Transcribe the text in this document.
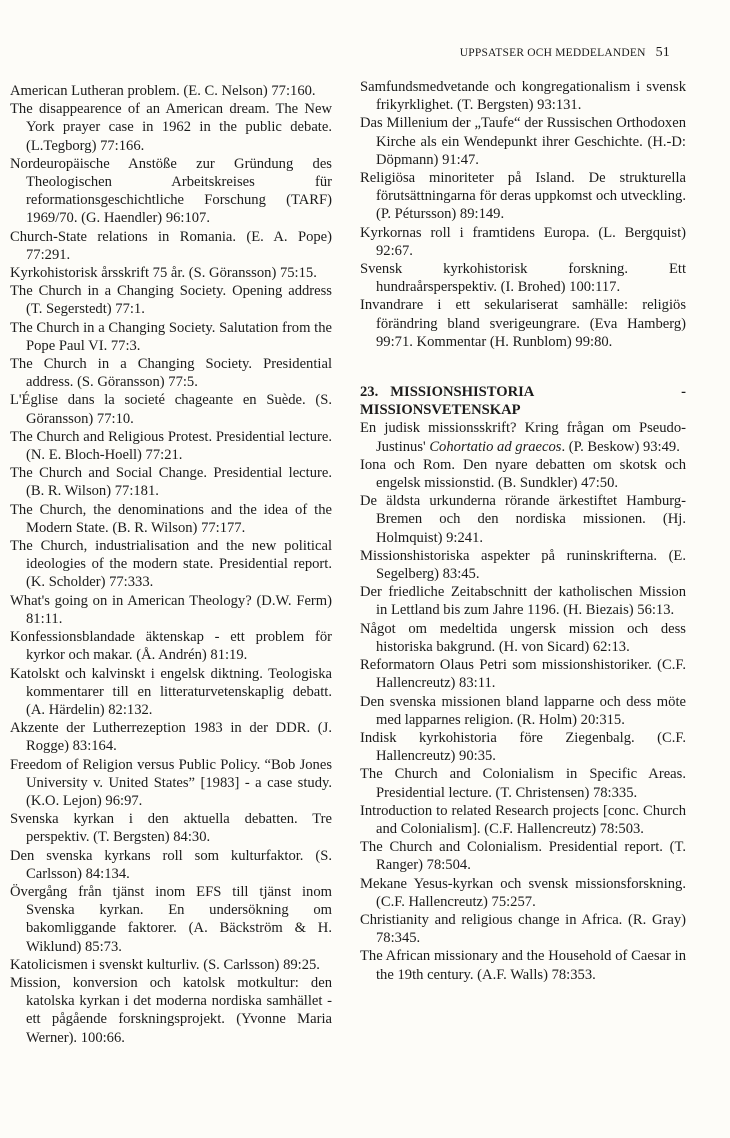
UPPSATSER OCH MEDDELANDEN 51

American Lutheran problem. (E. C. Nelson) 77:160.

The disappearence of an American dream. The New York prayer case in 1962 in the public debate. (L.Tegborg) 77:166.

Nordeuropäische Anstöße zur Gründung des Theologischen Arbeitskreises für reformationsgeschichtliche Forschung (TARF) 1969/70. (G. Haendler) 96:107.

Church-State relations in Romania. (E. A. Pope) 77:291.

Kyrkohistorisk årsskrift 75 år. (S. Göransson) 75:15.

The Church in a Changing Society. Opening address (T. Segerstedt) 77:1.

The Church in a Changing Society. Salutation from the Pope Paul VI. 77:3.

The Church in a Changing Society. Presidential address. (S. Göransson) 77:5.

L'Église dans la societé chageante en Suède. (S. Göransson) 77:10.

The Church and Religious Protest. Presidential lecture. (N. E. Bloch-Hoell) 77:21.

The Church and Social Change. Presidential lecture. (B. R. Wilson) 77:181.

The Church, the denominations and the idea of the Modern State. (B. R. Wilson) 77:177.

The Church, industrialisation and the new political ideologies of the modern state. Presidential report. (K. Scholder) 77:333.

What's going on in American Theology? (D.W. Ferm) 81:11.

Konfessionsblandade äktenskap - ett problem för kyrkor och makar. (Å. Andrén) 81:19.

Katolskt och kalvinskt i engelsk diktning. Teologiska kommentarer till en litteraturvetenskaplig debatt. (A. Härdelin) 82:132.

Akzente der Lutherrezeption 1983 in der DDR. (J. Rogge) 83:164.

Freedom of Religion versus Public Policy. “Bob Jones University v. United States” [1983] - a case study. (K.O. Lejon) 96:97.

Svenska kyrkan i den aktuella debatten. Tre perspektiv. (T. Bergsten) 84:30.

Den svenska kyrkans roll som kulturfaktor. (S. Carlsson) 84:134.

Övergång från tjänst inom EFS till tjänst inom Svenska kyrkan. En undersökning om bakomliggande faktorer. (A. Bäckström & H. Wiklund) 85:73.

Katolicismen i svenskt kulturliv. (S. Carlsson) 89:25.

Mission, konversion och katolsk motkultur: den katolska kyrkan i det moderna nordiska samhället - ett pågående forskningsprojekt. (Yvonne Maria Werner). 100:66.

Samfundsmedvetande och kongregationalism i svensk frikyrklighet. (T. Bergsten) 93:131.

Das Millenium der „Taufe“ der Russischen Orthodoxen Kirche als ein Wendepunkt ihrer Geschichte. (H.-D: Döpmann) 91:47.

Religiösa minoriteter på Island. De strukturella förutsättningarna för deras uppkomst och utveckling. (P. Pétursson) 89:149.

Kyrkornas roll i framtidens Europa. (L. Bergquist) 92:67.

Svensk kyrkohistorisk forskning. Ett hundraårsperspektiv. (I. Brohed) 100:117.

Invandrare i ett sekulariserat samhälle: religiös förändring bland sverigeungrare. (Eva Hamberg) 99:71. Kommentar (H. Runblom) 99:80.

23. MISSIONSHISTORIA - MISSIONSVETENSKAP

En judisk missionsskrift? Kring frågan om Pseudo-Justinus' Cohortatio ad graecos. (P. Beskow) 93:49.

Iona och Rom. Den nyare debatten om skotsk och engelsk missionstid. (B. Sundkler) 47:50.

De äldsta urkunderna rörande ärkestiftet Hamburg-Bremen och den nordiska missionen. (Hj. Holmquist) 9:241.

Missionshistoriska aspekter på runinskrifterna. (E. Segelberg) 83:45.

Der friedliche Zeitabschnitt der katholischen Mission in Lettland bis zum Jahre 1196. (H. Biezais) 56:13.

Något om medeltida ungersk mission och dess historiska bakgrund. (H. von Sicard) 62:13.

Reformatorn Olaus Petri som missionshistoriker. (C.F. Hallencreutz) 83:11.

Den svenska missionen bland lapparne och dess möte med lapparnes religion. (R. Holm) 20:315.

Indisk kyrkohistoria före Ziegenbalg. (C.F. Hallencreutz) 90:35.

The Church and Colonialism in Specific Areas. Presidential lecture. (T. Christensen) 78:335.

Introduction to related Research projects [conc. Church and Colonialism]. (C.F. Hallencreutz) 78:503.

The Church and Colonialism. Presidential report. (T. Ranger) 78:504.

Mekane Yesus-kyrkan och svensk missionsforskning. (C.F. Hallencreutz) 75:257.

Christianity and religious change in Africa. (R. Gray) 78:345.

The African missionary and the Household of Caesar in the 19th century. (A.F. Walls) 78:353.
